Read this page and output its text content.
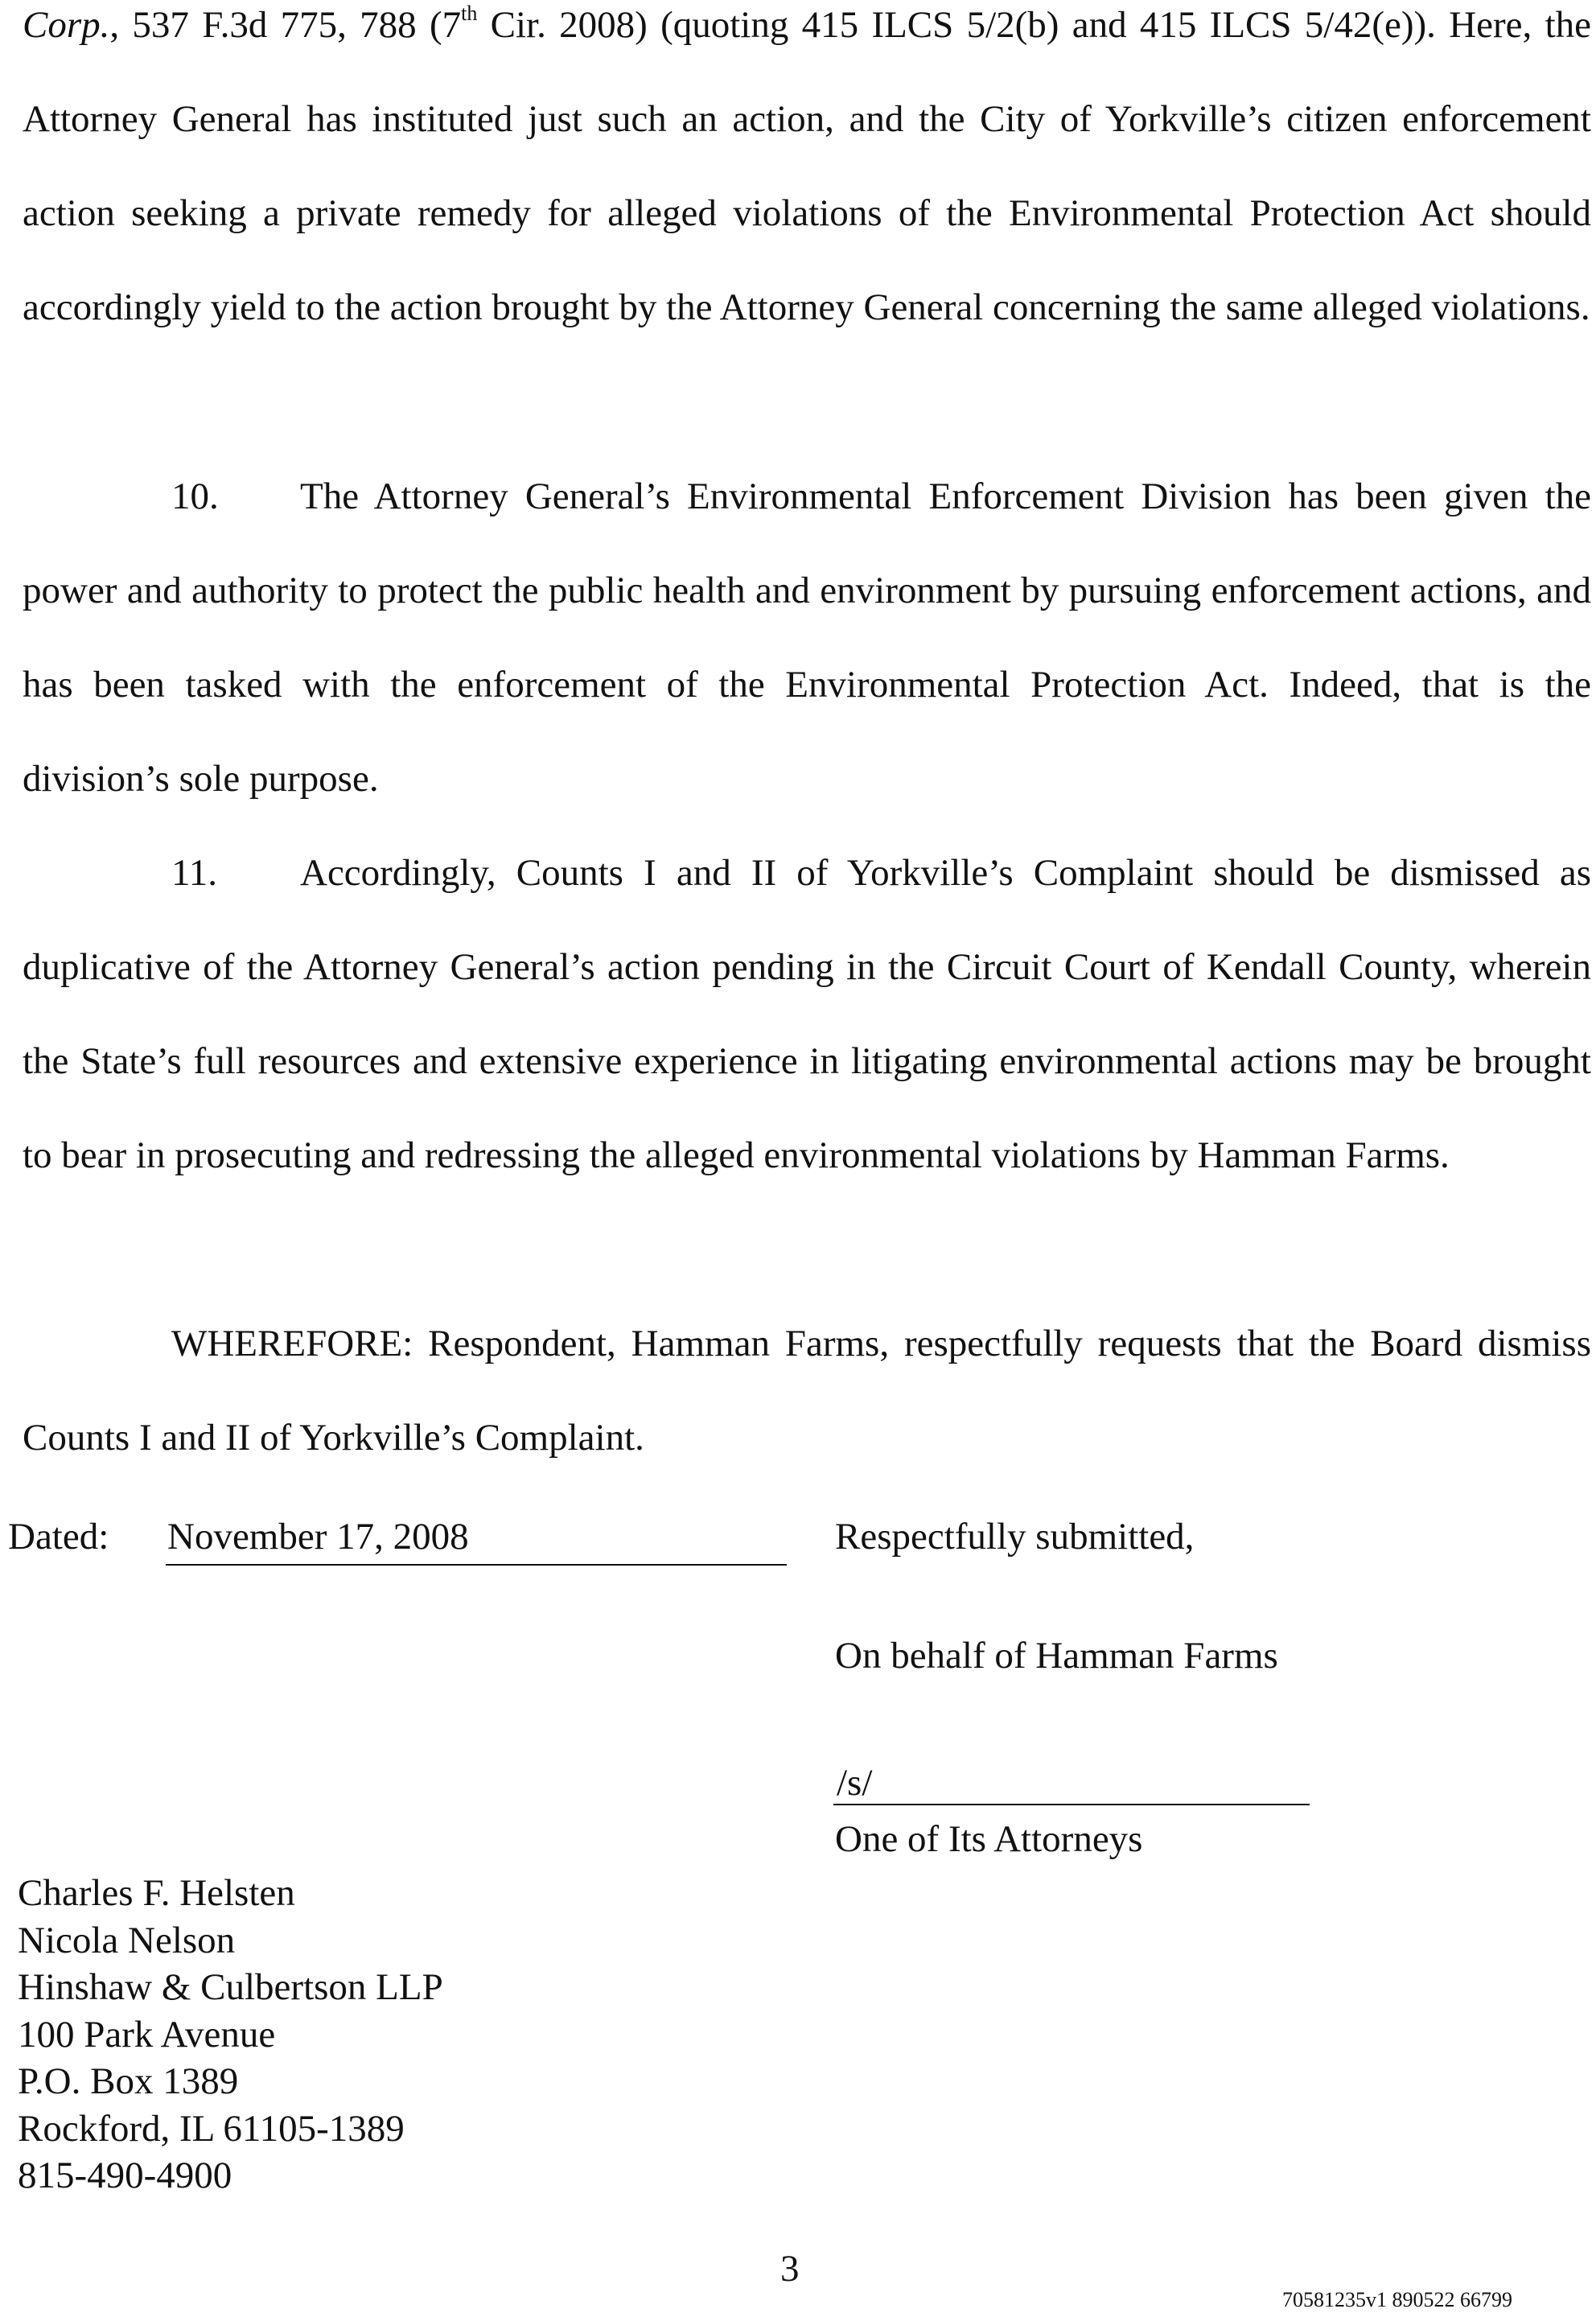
Corp., 537 F.3d 775, 788 (7th Cir. 2008) (quoting 415 ILCS 5/2(b) and 415 ILCS 5/42(e)). Here, the Attorney General has instituted just such an action, and the City of Yorkville’s citizen enforcement action seeking a private remedy for alleged violations of the Environmental Protection Act should accordingly yield to the action brought by the Attorney General concerning the same alleged violations.

10. The Attorney General’s Environmental Enforcement Division has been given the power and authority to protect the public health and environment by pursuing enforcement actions, and has been tasked with the enforcement of the Environmental Protection Act. Indeed, that is the division’s sole purpose.

11. Accordingly, Counts I and II of Yorkville’s Complaint should be dismissed as duplicative of the Attorney General’s action pending in the Circuit Court of Kendall County, wherein the State’s full resources and extensive experience in litigating environmental actions may be brought to bear in prosecuting and redressing the alleged environmental violations by Hamman Farms.

WHEREFORE: Respondent, Hamman Farms, respectfully requests that the Board dismiss Counts I and II of Yorkville’s Complaint.

Dated: November 17, 2008	Respectfully submitted,
On behalf of Hamman Farms
/s/
One of Its Attorneys
Charles F. Helsten
Nicola Nelson
Hinshaw & Culbertson LLP
100 Park Avenue
P.O. Box 1389
Rockford, IL 61105-1389
815-490-4900
3
70581235v1 890522 66799
